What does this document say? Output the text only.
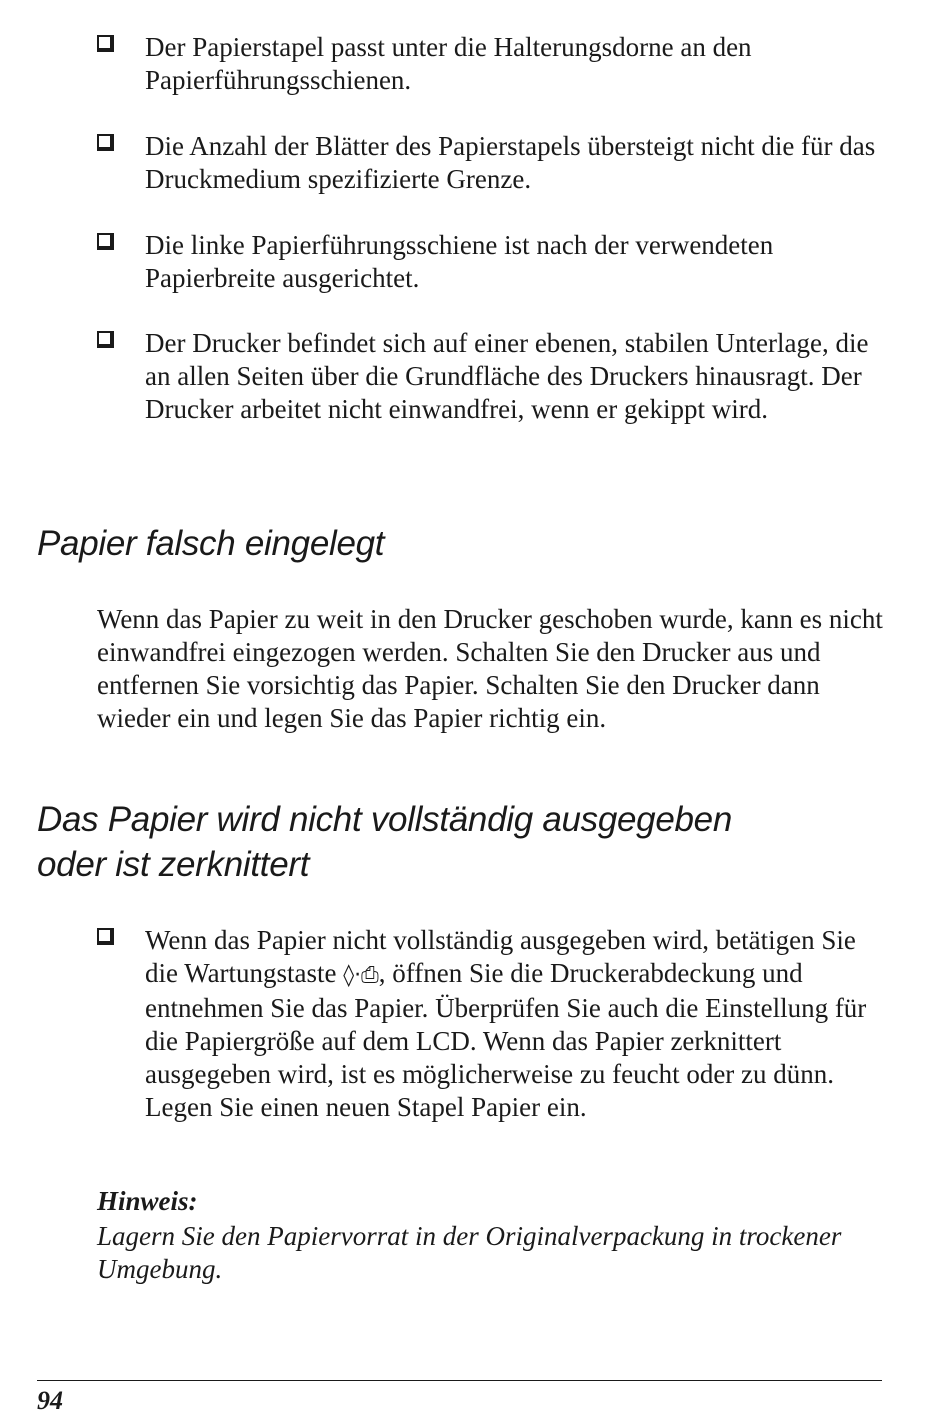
Der Papierstapel passt unter die Halterungsdorne an den Papierführungsschienen.
Die Anzahl der Blätter des Papierstapels übersteigt nicht die für das Druckmedium spezifizierte Grenze.
Die linke Papierführungsschiene ist nach der verwendeten Papierbreite ausgerichtet.
Der Drucker befindet sich auf einer ebenen, stabilen Unterlage, die an allen Seiten über die Grundfläche des Druckers hinausragt. Der Drucker arbeitet nicht einwandfrei, wenn er gekippt wird.
Papier falsch eingelegt
Wenn das Papier zu weit in den Drucker geschoben wurde, kann es nicht einwandfrei eingezogen werden. Schalten Sie den Drucker aus und entfernen Sie vorsichtig das Papier. Schalten Sie den Drucker dann wieder ein und legen Sie das Papier richtig ein.
Das Papier wird nicht vollständig ausgegeben
oder ist zerknittert
Wenn das Papier nicht vollständig ausgegeben wird, betätigen Sie die Wartungstaste ◊·⎙, öffnen Sie die Druckerabdeckung und entnehmen Sie das Papier. Überprüfen Sie auch die Einstellung für die Papiergröße auf dem LCD. Wenn das Papier zerknittert ausgegeben wird, ist es möglicherweise zu feucht oder zu dünn. Legen Sie einen neuen Stapel Papier ein.
Hinweis:
Lagern Sie den Papiervorrat in der Originalverpackung in trockener Umgebung.
94
